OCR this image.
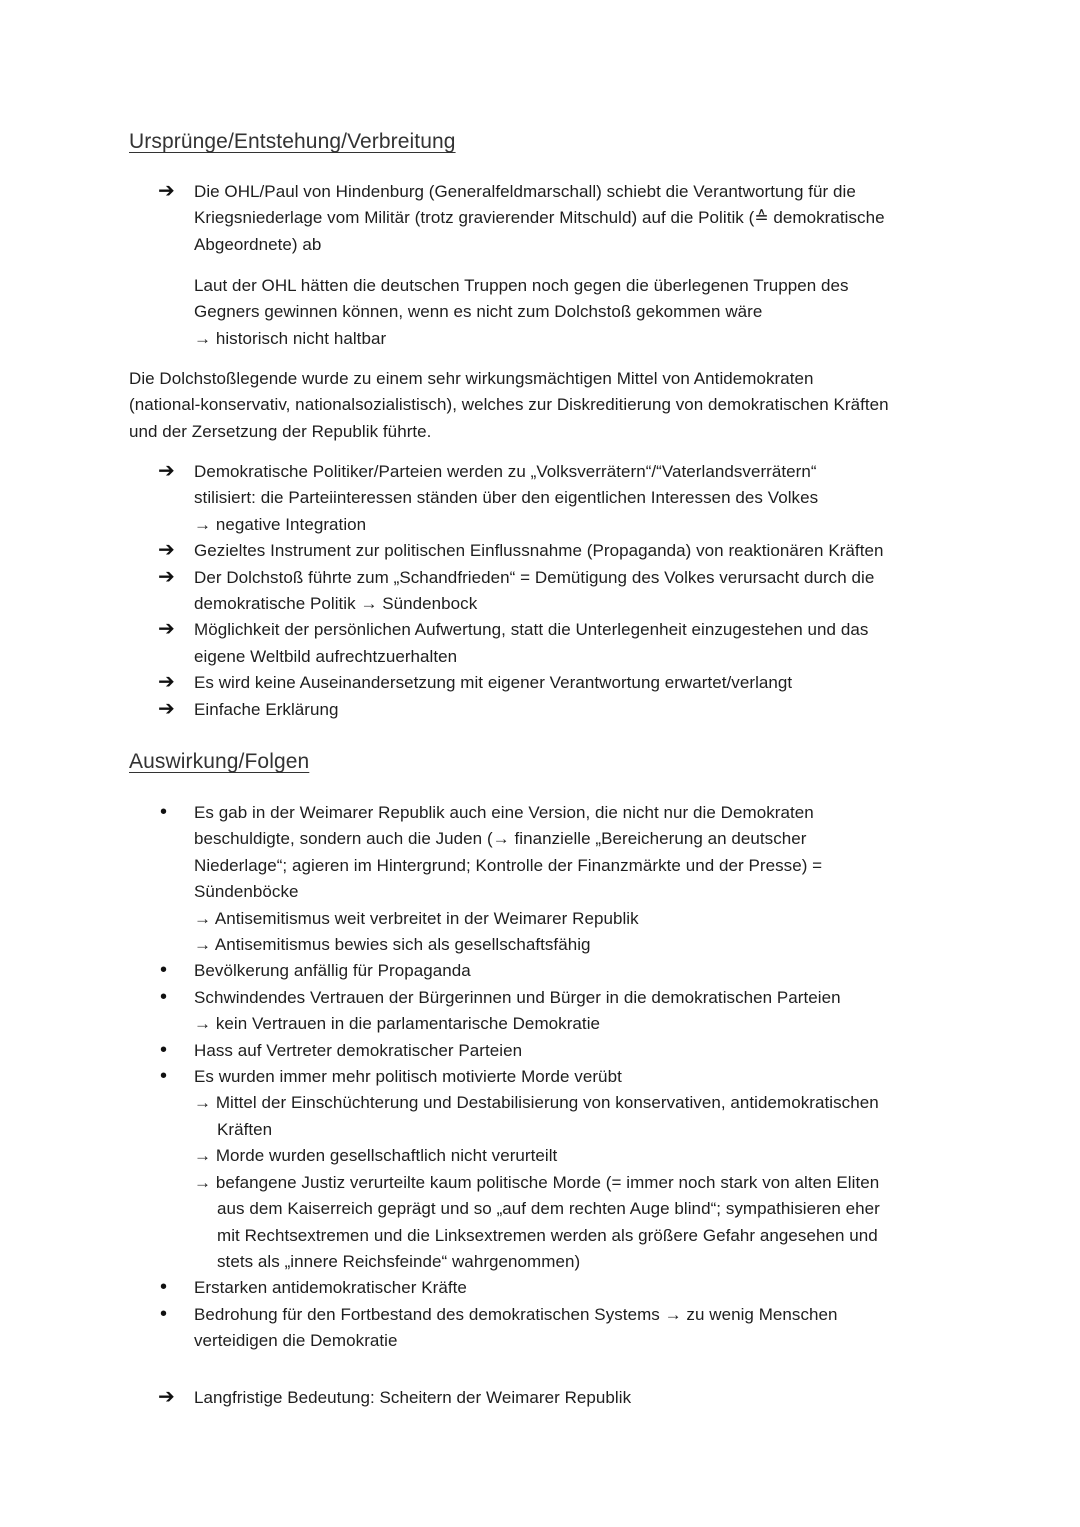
Ursprünge/Entstehung/Verbreitung
➔ Die OHL/Paul von Hindenburg (Generalfeldmarschall) schiebt die Verantwortung für die
Kriegsniederlage vom Militär (trotz gravierender Mitschuld) auf die Politik (≙ demokratische
Abgeordnete) ab
Laut der OHL hätten die deutschen Truppen noch gegen die überlegenen Truppen des
Gegners gewinnen können, wenn es nicht zum Dolchstoß gekommen wäre
→ historisch nicht haltbar
Die Dolchstoßlegende wurde zu einem sehr wirkungsmächtigen Mittel von Antidemokraten
(national-konservativ, nationalsozialistisch), welches zur Diskreditierung von demokratischen Kräften
und der Zersetzung der Republik führte.
➔ Demokratische Politiker/Parteien werden zu „Volksverrätern“/“Vaterlandsverrätern“
stilisiert: die Parteiinteressen ständen über den eigentlichen Interessen des Volkes
→ negative Integration
➔ Gezieltes Instrument zur politischen Einflussnahme (Propaganda) von reaktionären Kräften
➔ Der Dolchstoß führte zum „Schandfrieden“ = Demütigung des Volkes verursacht durch die
demokratische Politik → Sündenbock
➔ Möglichkeit der persönlichen Aufwertung, statt die Unterlegenheit einzugestehen und das
eigene Weltbild aufrechtzuerhalten
➔ Es wird keine Auseinandersetzung mit eigener Verantwortung erwartet/verlangt
➔ Einfache Erklärung
Auswirkung/Folgen
• Es gab in der Weimarer Republik auch eine Version, die nicht nur die Demokraten
beschuldigte, sondern auch die Juden (→ finanzielle „Bereicherung an deutscher
Niederlage“; agieren im Hintergrund; Kontrolle der Finanzmärkte und der Presse) =
Sündenböcke
→ Antisemitismus weit verbreitet in der Weimarer Republik
→ Antisemitismus bewies sich als gesellschaftsfähig
• Bevölkerung anfällig für Propaganda
• Schwindendes Vertrauen der Bürgerinnen und Bürger in die demokratischen Parteien
→ kein Vertrauen in die parlamentarische Demokratie
• Hass auf Vertreter demokratischer Parteien
• Es wurden immer mehr politisch motivierte Morde verübt
→ Mittel der Einschüchterung und Destabilisierung von konservativen, antidemokratischen
Kräften
→ Morde wurden gesellschaftlich nicht verurteilt
→ befangene Justiz verurteilte kaum politische Morde (= immer noch stark von alten Eliten
aus dem Kaiserreich geprägt und so „auf dem rechten Auge blind“; sympathisieren eher
mit Rechtsextremen und die Linksextremen werden als größere Gefahr angesehen und
stets als „innere Reichsfeinde“ wahrgenommen)
• Erstarken antidemokratischer Kräfte
• Bedrohung für den Fortbestand des demokratischen Systems → zu wenig Menschen
verteidigen die Demokratie
➔ Langfristige Bedeutung: Scheitern der Weimarer Republik
